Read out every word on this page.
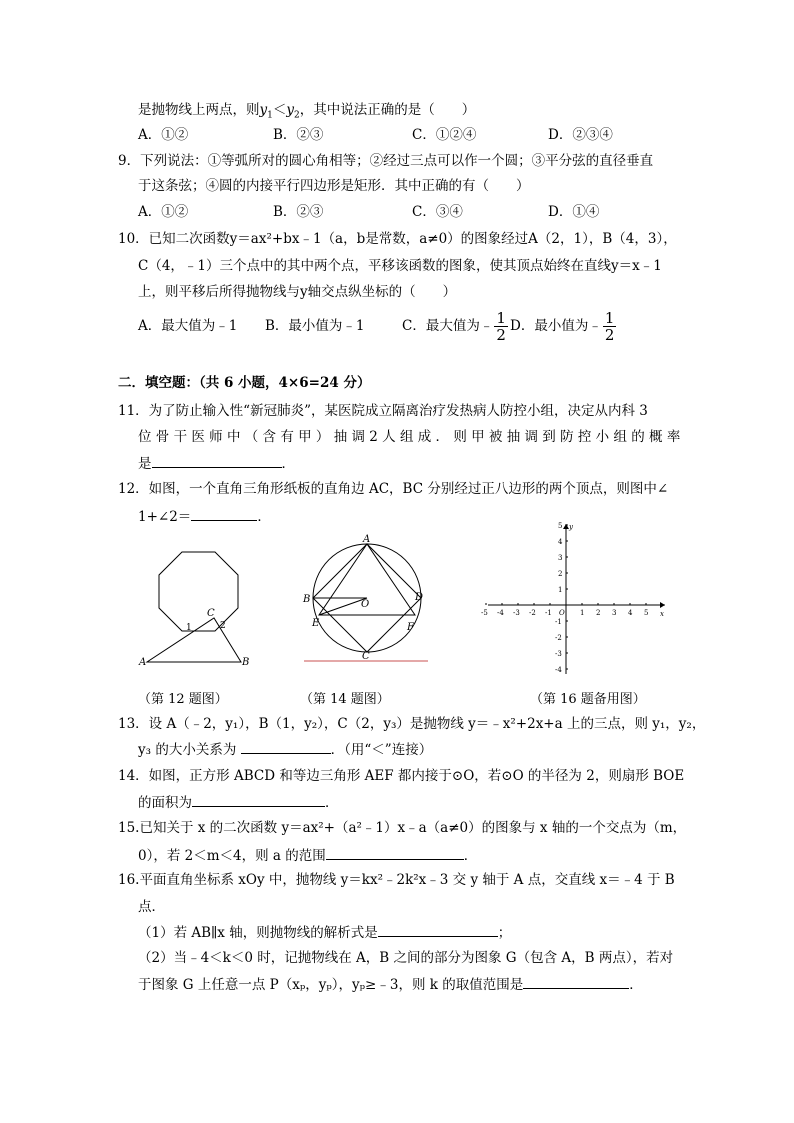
是抛物线上两点，则$y_1<y_2$，其中说法正确的是（　　）
A．①②	B．②③	C．①②④	D．②③④
9．下列说法：①等弧所对的圆心角相等；②经过三点可以作一个圆；③平分弦的直径垂直
于这条弦；④圆的内接平行四边形是矩形．其中正确的有（　　）
A．①②	B．②③	C．③④	D．①④
10．已知二次函数y＝ax²+bx﹣1（a，b是常数，a≠0）的图象经过A（2，1），B（4，3），
C（4，﹣1）三个点中的其中两个点，平移该函数的图象，使其顶点始终在直线y＝x﹣1
上，则平移后所得抛物线与y轴交点纵坐标的（　　）
A．最大值为﹣1 B．最小值为﹣1	C．最大值为﹣ $\frac{1}{2}$ D．最小值为﹣ $\frac{1}{2}$
二．填空题：（共 6 小题，4×6=24 分）
11．为了防止输入性“新冠肺炎”，某医院成立隔离治疗发热病人防控小组，决定从内科 3
位 骨 干 医 师 中 （ 含 有 甲 ） 抽 调 2 人 组 成 ． 则 甲 被 抽 调 到 防 控 小 组 的 概 率
是	．
12．如图，一个直角三角形纸板的直角边 AC，BC 分别经过正八边形的两个顶点，则图中∠
1+∠2＝	．
A	B
C
1	2
A
B
C
D
E	F
O
x
y
O
-5 -4 -3 -2 -1	1 2 3 4 5
5
4
3
2
1
-1
-2
-3
-4
（第 12 题图）	（第 14 题图）	（第 16 题备用图）
13．设 A（﹣2，y₁），B（1，y₂），C（2，y₃）是抛物线 y＝﹣x²+2x+a 上的三点，则 y₁，y₂，
y₃ 的大小关系为	．（用“＜”连接）
14．如图，正方形 ABCD 和等边三角形 AEF 都内接于⊙O，若⊙O 的半径为 2，则扇形 BOE
的面积为	．
15.已知关于 x 的二次函数 y＝ax²+（a²﹣1）x﹣a（a≠0）的图象与 x 轴的一个交点为（m，
0），若 2＜m＜4，则 a 的范围	．
16.平面直角坐标系 xOy 中，抛物线 y＝kx²﹣2k²x﹣3 交 y 轴于 A 点，交直线 x＝﹣4 于 B
点．
（1）若 AB∥x 轴，则抛物线的解析式是	；
（2）当﹣4＜k＜0 时，记抛物线在 A，B 之间的部分为图象 G（包含 A，B 两点），若对
于图象 G 上任意一点 P（xₚ，yₚ），yₚ≥﹣3，则 k 的取值范围是	．
